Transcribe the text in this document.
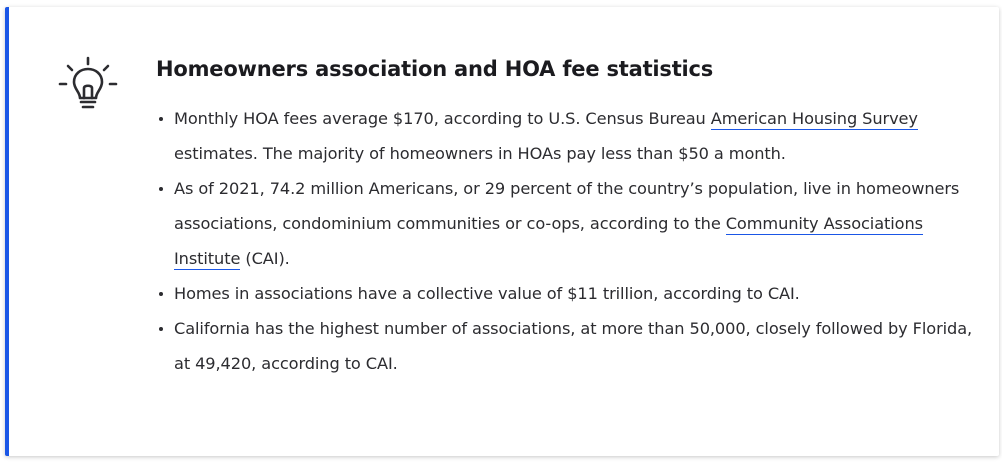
Homeowners association and HOA fee statistics
Monthly HOA fees average $170, according to U.S. Census Bureau American Housing Survey estimates. The majority of homeowners in HOAs pay less than $50 a month.
As of 2021, 74.2 million Americans, or 29 percent of the country’s population, live in homeowners associations, condominium communities or co-ops, according to the Community Associations Institute (CAI).
Homes in associations have a collective value of $11 trillion, according to CAI.
California has the highest number of associations, at more than 50,000, closely followed by Florida, at 49,420, according to CAI.
